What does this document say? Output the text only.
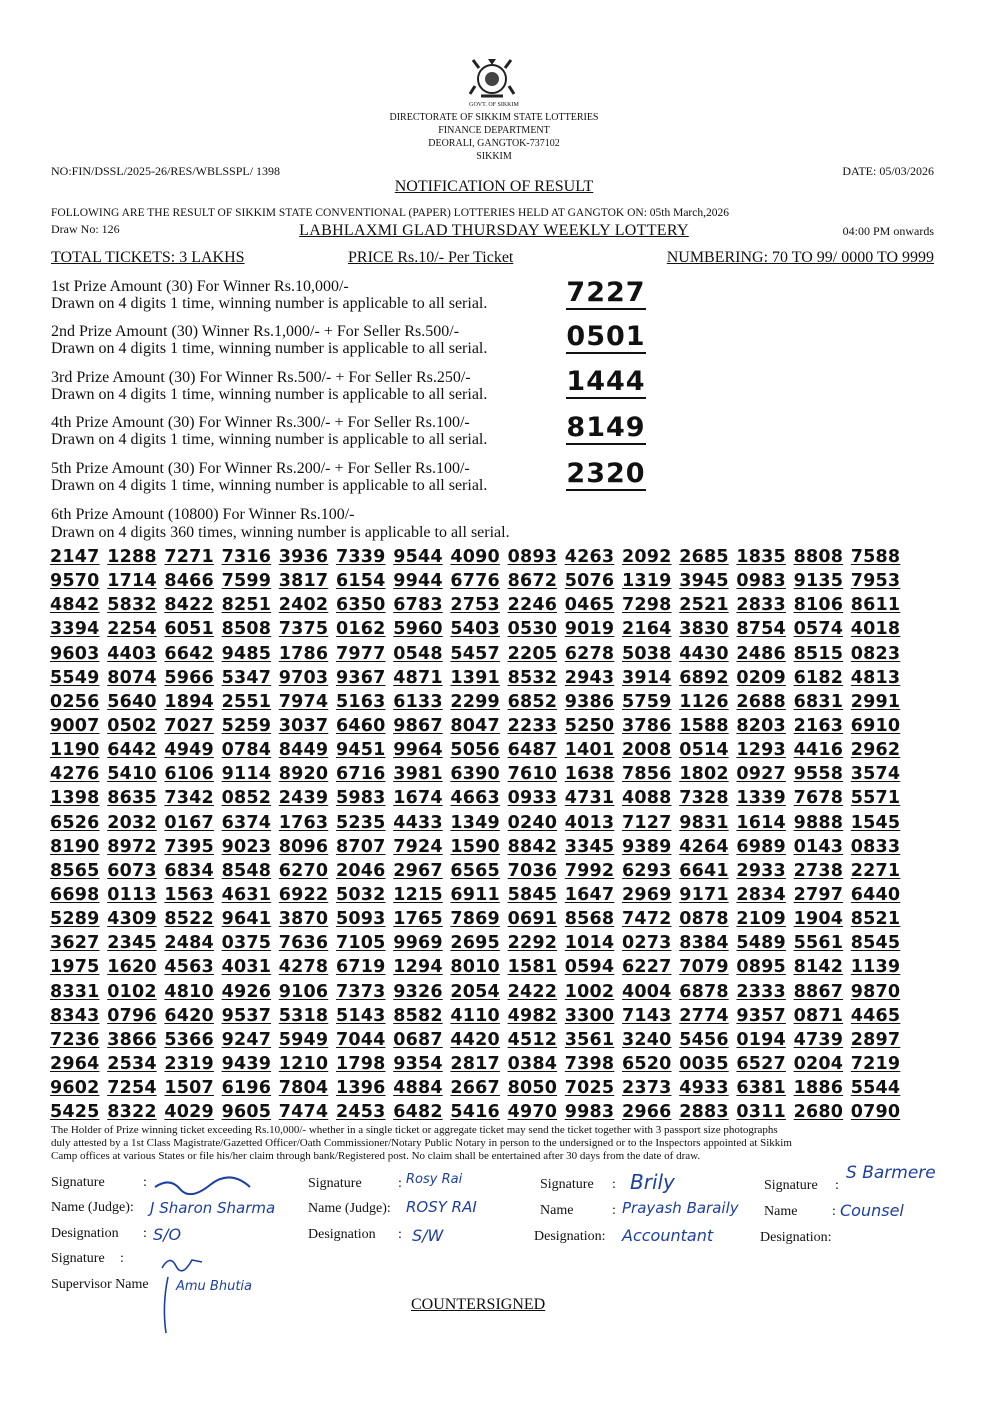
GOVT. OF SIKKIM
DIRECTORATE OF SIKKIM STATE LOTTERIES
FINANCE DEPARTMENT
DEORALI, GANGTOK-737102
SIKKIM
NO:FIN/DSSL/2025-26/RES/WBLSSPL/ 1398	DATE: 05/03/2026
NOTIFICATION OF RESULT
FOLLOWING ARE THE RESULT OF SIKKIM STATE CONVENTIONAL (PAPER) LOTTERIES HELD AT GANGTOK ON: 05th March,2026
Draw No: 126	LABHLAXMI GLAD THURSDAY WEEKLY LOTTERY	04:00 PM onwards
TOTAL TICKETS: 3 LAKHS	PRICE Rs.10/- Per Ticket	NUMBERING: 70 TO 99/ 0000 TO 9999
1st Prize Amount (30) For Winner Rs.10,000/-
Drawn on 4 digits 1 time, winning number is applicable to all serial.	7227
2nd Prize Amount (30) Winner Rs.1,000/- + For Seller Rs.500/-
Drawn on 4 digits 1 time, winning number is applicable to all serial.	0501
3rd Prize Amount (30) For Winner Rs.500/- + For Seller Rs.250/-
Drawn on 4 digits 1 time, winning number is applicable to all serial.	1444
4th Prize Amount (30) For Winner Rs.300/- + For Seller Rs.100/-
Drawn on 4 digits 1 time, winning number is applicable to all serial.	8149
5th Prize Amount (30) For Winner Rs.200/- + For Seller Rs.100/-
Drawn on 4 digits 1 time, winning number is applicable to all serial.	2320
6th Prize Amount (10800) For Winner Rs.100/-
Drawn on 4 digits 360 times, winning number is applicable to all serial.
2147 1288 7271 7316 3936 7339 9544 4090 0893 4263 2092 2685 1835 8808 7588
9570 1714 8466 7599 3817 6154 9944 6776 8672 5076 1319 3945 0983 9135 7953
4842 5832 8422 8251 2402 6350 6783 2753 2246 0465 7298 2521 2833 8106 8611
3394 2254 6051 8508 7375 0162 5960 5403 0530 9019 2164 3830 8754 0574 4018
9603 4403 6642 9485 1786 7977 0548 5457 2205 6278 5038 4430 2486 8515 0823
5549 8074 5966 5347 9703 9367 4871 1391 8532 2943 3914 6892 0209 6182 4813
0256 5640 1894 2551 7974 5163 6133 2299 6852 9386 5759 1126 2688 6831 2991
9007 0502 7027 5259 3037 6460 9867 8047 2233 5250 3786 1588 8203 2163 6910
1190 6442 4949 0784 8449 9451 9964 5056 6487 1401 2008 0514 1293 4416 2962
4276 5410 6106 9114 8920 6716 3981 6390 7610 1638 7856 1802 0927 9558 3574
1398 8635 7342 0852 2439 5983 1674 4663 0933 4731 4088 7328 1339 7678 5571
6526 2032 0167 6374 1763 5235 4433 1349 0240 4013 7127 9831 1614 9888 1545
8190 8972 7395 9023 8096 8707 7924 1590 8842 3345 9389 4264 6989 0143 0833
8565 6073 6834 8548 6270 2046 2967 6565 7036 7992 6293 6641 2933 2738 2271
6698 0113 1563 4631 6922 5032 1215 6911 5845 1647 2969 9171 2834 2797 6440
5289 4309 8522 9641 3870 5093 1765 7869 0691 8568 7472 0878 2109 1904 8521
3627 2345 2484 0375 7636 7105 9969 2695 2292 1014 0273 8384 5489 5561 8545
1975 1620 4563 4031 4278 6719 1294 8010 1581 0594 6227 7079 0895 8142 1139
8331 0102 4810 4926 9106 7373 9326 2054 2422 1002 4004 6878 2333 8867 9870
8343 0796 6420 9537 5318 5143 8582 4110 4982 3300 7143 2774 9357 0871 4465
7236 3866 5366 9247 5949 7044 0687 4420 4512 3561 3240 5456 0194 4739 2897
2964 2534 2319 9439 1210 1798 9354 2817 0384 7398 6520 0035 6527 0204 7219
9602 7254 1507 6196 7804 1396 4884 2667 8050 7025 2373 4933 6381 1886 5544
5425 8322 4029 9605 7474 2453 6482 5416 4970 9983 2966 2883 0311 2680 0790
The Holder of Prize winning ticket exceeding Rs.10,000/- whether in a single ticket or aggregate ticket may send the ticket together with 3 passport size photographs
duly attested by a 1st Class Magistrate/Gazetted Officer/Oath Commissioner/Notary Public Notary in person to the undersigned or to the Inspectors appointed at Sikkim
Camp offices at various States or file his/her claim through bank/Registered post. No claim shall be entertained after 30 days from the date of draw.
Signature	:
Name (Judge): J Sharon Sharma
Designation : S/O
Signature	: Rosy Rai
Name (Judge): ROSY RAI
Designation : S/W
Signature : Brily
Name	: Prayash Baraily
Designation: Accountant
Signature :
S Barmere
Name : Counsel
Designation:
Signature :
Supervisor Name Amu Bhutia
COUNTERSIGNED
